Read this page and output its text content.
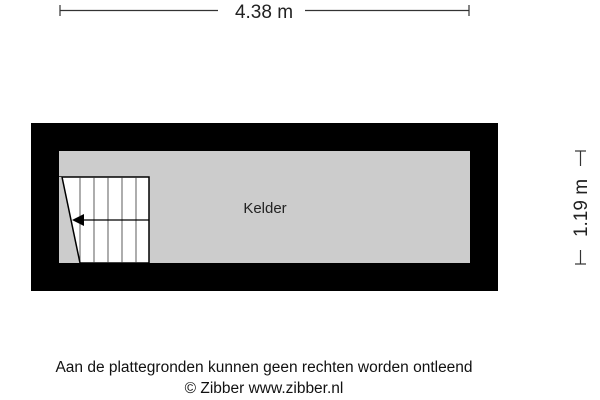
4.38 m
1.19 m
Kelder
Aan de plattegronden kunnen geen rechten worden ontleend
© Zibber www.zibber.nl
